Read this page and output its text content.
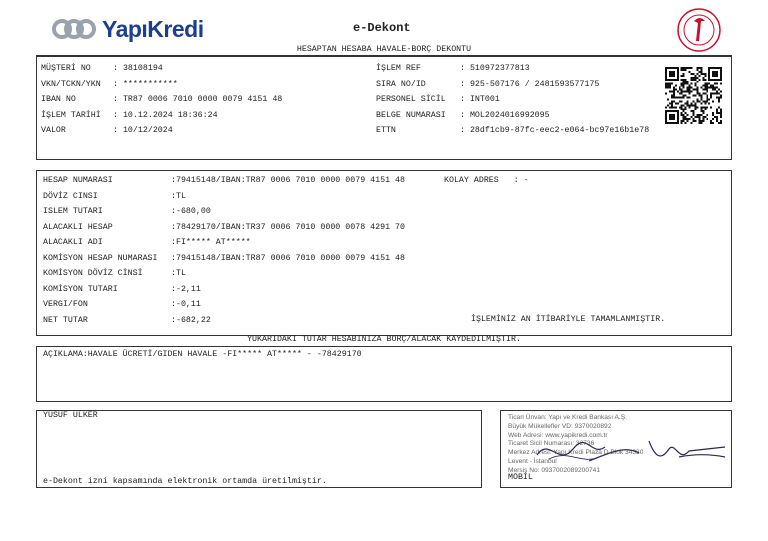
YapıKredi	e-Dekont
HESAPTAN HESABA HAVALE-BORÇ DEKONTU
MÜŞTERİ NO	: 38108194
VKN/TCKN/YKN	: ***********
IBAN NO	: TR87 0006 7010 0000 0079 4151 48
İŞLEM TARİHİ	: 10.12.2024 18:36:24
VALOR	: 10/12/2024
İŞLEM REF	: 510972377813
SIRA NO/ID	: 925-507176 / 2481593577175
PERSONEL SİCİL	: INT001
BELGE NUMARASI	: MOL2024016992095
ETTN	: 28df1cb9-87fc-eec2-e064-bc97e16b1e78
HESAP NUMARASI	:79415148/IBAN:TR87 0006 7010 0000 0079 4151 48
DÖVİZ CINSI	:TL
ISLEM TUTARI	:-680,00
ALACAKLI HESAP	:78429170/IBAN:TR37 0006 7010 0000 0078 4291 70
ALACAKLI ADI	:FI***** AT*****
KOMİSYON HESAP NUMARASI	:79415148/IBAN:TR87 0006 7010 0000 0079 4151 48
KOMİSYON DÖVİZ CİNSİ	:TL
KOMİSYON TUTARI	:-2,11
VERGI/FON	:-0,11
NET TUTAR	:-682,22
KOLAY ADRES : -
İŞLEMİNİZ AN İTİBARİYLE TAMAMLANMIŞTIR.
YUKARIDAKI TUTAR HESABINIZA BORÇ/ALACAK KAYDEDILMIŞTIR.
AÇIKLAMA:HAVALE ÜCRETİ/GIDEN HAVALE -FI***** AT***** - -78429170
YUSUF ÜLKER
e-Dekont izni kapsamında elektronik ortamda üretilmiştir.
Ticari Ünvan: Yapı ve Kredi Bankası A.Ş.
Büyük Mükellefler VD: 9370020892
Web Adresi: www.yapikredi.com.tr
Ticaret Sicil Numarası: 32736
Merkez Adresi: Yapı Kredi Plaza D Blok 34330
Levent - İstanbul
Mersis No: 0937002089200741
MOBİL
